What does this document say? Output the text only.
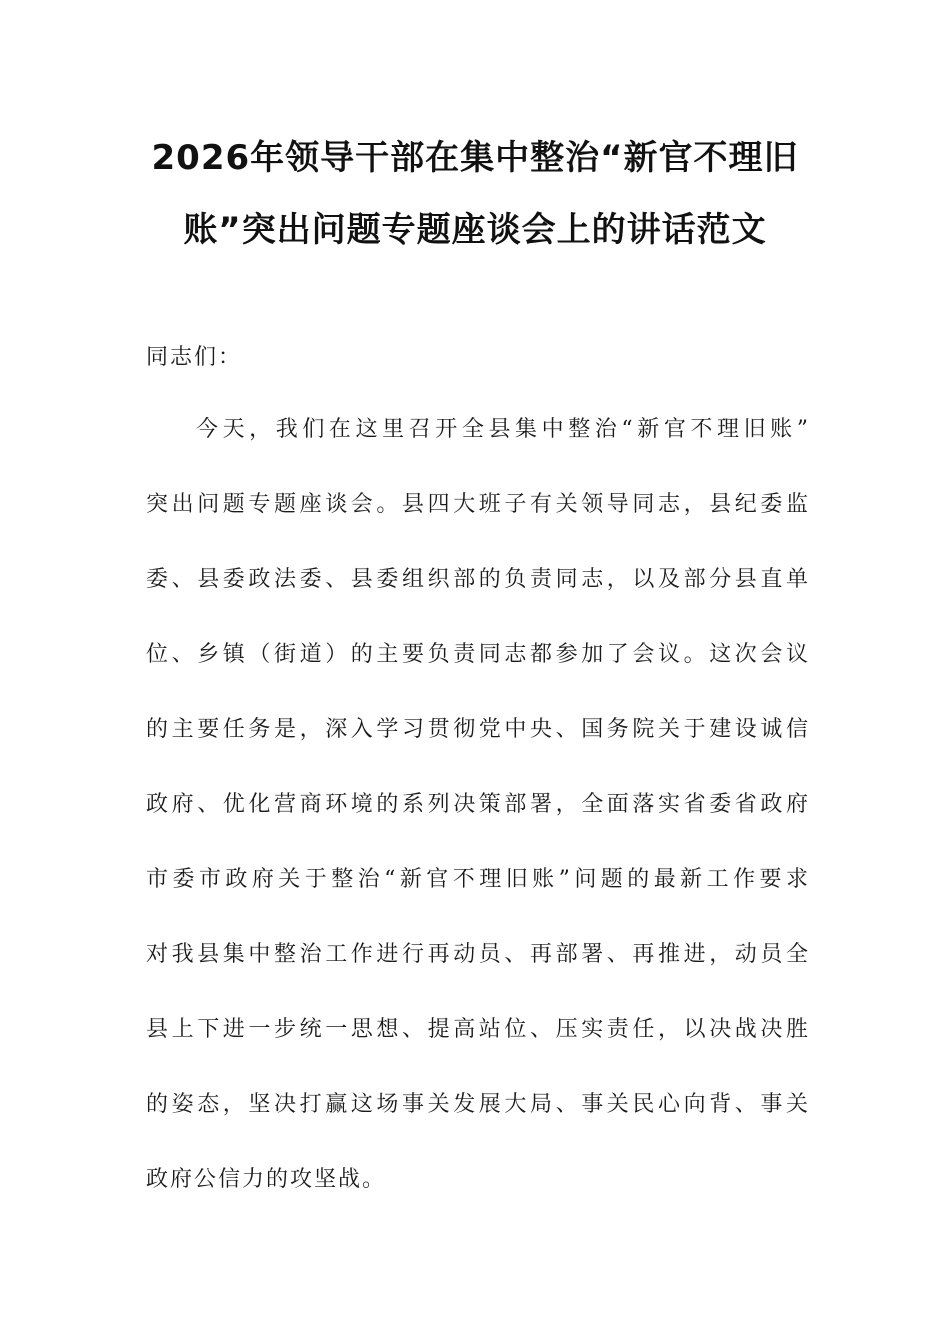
2026年领导干部在集中整治“新官不理旧
账”突出问题专题座谈会上的讲话范文
同志们：
今天，我们在这里召开全县集中整治“新官不理旧账”
突出问题专题座谈会。县四大班子有关领导同志，县纪委监
委、县委政法委、县委组织部的负责同志，以及部分县直单
位、乡镇（街道）的主要负责同志都参加了会议。这次会议
的主要任务是，深入学习贯彻党中央、国务院关于建设诚信
政府、优化营商环境的系列决策部署，全面落实省委省政府
市委市政府关于整治“新官不理旧账”问题的最新工作要求
对我县集中整治工作进行再动员、再部署、再推进，动员全
县上下进一步统一思想、提高站位、压实责任，以决战决胜
的姿态，坚决打赢这场事关发展大局、事关民心向背、事关
政府公信力的攻坚战。
